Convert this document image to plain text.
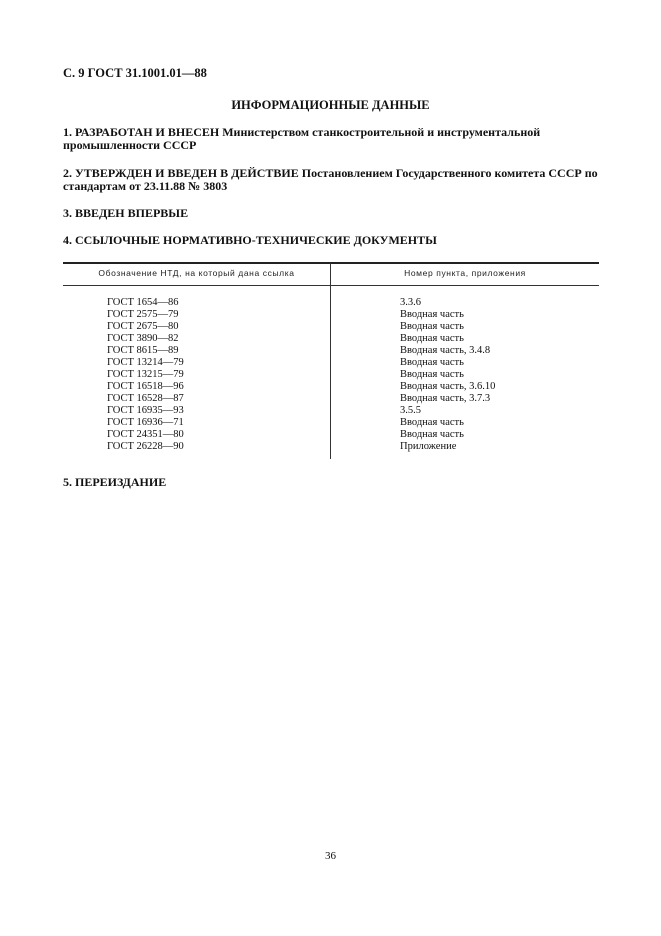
С. 9 ГОСТ 31.1001.01—88
ИНФОРМАЦИОННЫЕ ДАННЫЕ
1. РАЗРАБОТАН И ВНЕСЕН Министерством станкостроительной и инструментальной промышленности СССР
2. УТВЕРЖДЕН И ВВЕДЕН В ДЕЙСТВИЕ Постановлением Государственного комитета СССР по стандартам от 23.11.88 № 3803
3. ВВЕДЕН ВПЕРВЫЕ
4. ССЫЛОЧНЫЕ НОРМАТИВНО-ТЕХНИЧЕСКИЕ ДОКУМЕНТЫ
Обозначение НТД, на который дана ссылка	Номер пункта, приложения
ГОСТ 1654—86	3.3.6
ГОСТ 2575—79	Вводная часть
ГОСТ 2675—80	Вводная часть
ГОСТ 3890—82	Вводная часть
ГОСТ 8615—89	Вводная часть, 3.4.8
ГОСТ 13214—79	Вводная часть
ГОСТ 13215—79	Вводная часть
ГОСТ 16518—96	Вводная часть, 3.6.10
ГОСТ 16528—87	Вводная часть, 3.7.3
ГОСТ 16935—93	3.5.5
ГОСТ 16936—71	Вводная часть
ГОСТ 24351—80	Вводная часть
ГОСТ 26228—90	Приложение
5. ПЕРЕИЗДАНИЕ
36
